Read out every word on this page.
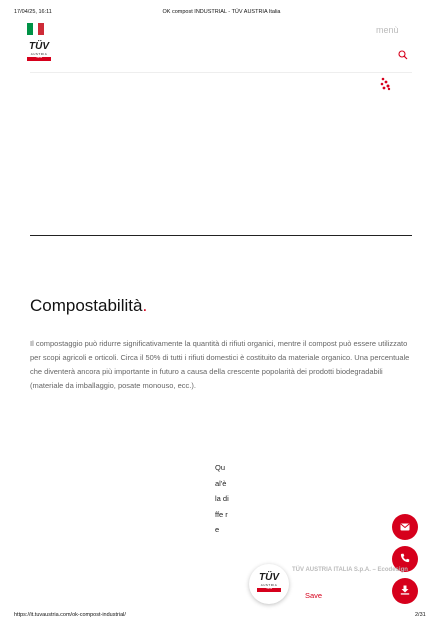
17/04/25, 16:11	OK compost INDUSTRIAL - TÜV AUSTRIA Italia
TÜV
AUSTRIA
ITALIA
menù
Compostabilità.
Il compostaggio può ridurre significativamente la quantità di rifiuti organici, mentre il compost può essere utilizzato per scopi agricoli e orticoli. Circa il 50% di tutti i rifiuti domestici è costituito da materiale organico. Una percentuale che diventerà ancora più importante in futuro a causa della crescente popolarità dei prodotti biodegradabili (materiale da imballaggio, posate monouso, ecc.).
Qual'è la diffe re
TÜV
AUSTRIA
ITALIA
TÜV AUSTRIA ITALIA S.p.A. – Ecodesign
Save
https://it.tuvaustria.com/ok-compost-industrial/	2/31
